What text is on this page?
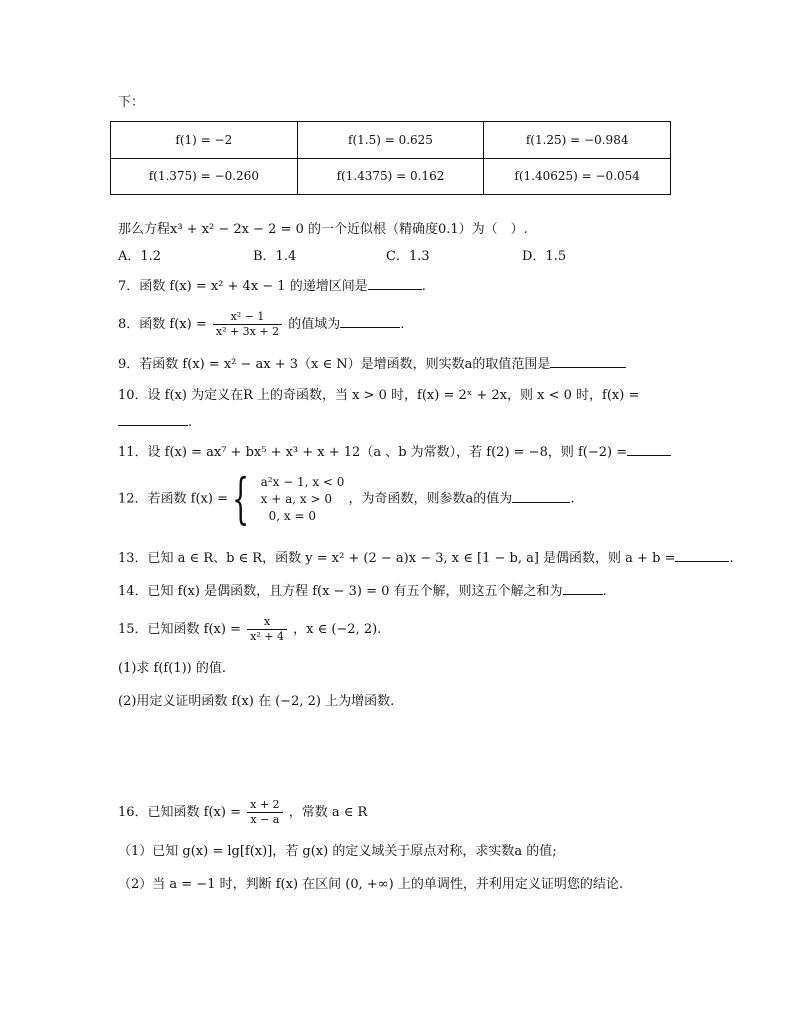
下：
f(1) = −2	f(1.5) = 0.625	f(1.25) = −0.984
f(1.375) = −0.260	f(1.4375) = 0.162	f(1.40625) = −0.054
那么方程x³ + x² − 2x − 2 = 0 的一个近似根（精确度0.1）为（　）.
A．1.2	B．1.4	C．1.3	D．1.5
7．函数 f(x) = x² + 4x − 1 的递增区间是	.
8．函数 $f(x) = \frac{\text{x² − 1}}{\text{x² + 3x + 2}}$ 的值域为	.
9．若函数 f(x) = x² − ax + 3（x ∈ N）是增函数，则实数a的取值范围是
10．设 f(x) 为定义在R 上的奇函数，当 x > 0 时，f(x) = 2ˣ + 2x，则 x < 0 时，f(x) =
.
11．设 f(x) = ax⁷ + bx⁵ + x³ + x + 12（a 、b 为常数），若 f(2) = −8，则 f(−2) =
12．若函数 f(x) = { a²x − 1, x < 0
x + a, x > 0
0, x = 0
，为奇函数，则参数a的值为	.
13．已知 a ∈ R、b ∈ R，函数 y = x² + (2 − a)x − 3, x ∈ [1 − b, a] 是偶函数，则 a + b =	.
14．已知 f(x) 是偶函数，且方程 f(x − 3) = 0 有五个解，则这五个解之和为	.
15．已知函数 $f(x) = \frac{x}{\text{x² + 4}}$ ，x ∈ (−2, 2).
(1)求 f(f(1)) 的值.
(2)用定义证明函数 f(x) 在 (−2, 2) 上为增函数.
16．已知函数 $f(x) = \frac{x + 2}{x - a}$ ，常数 a ∈ R
（1）已知 g(x) = lg[f(x)]，若 g(x) 的定义域关于原点对称，求实数a 的值;
（2）当 a = −1 时，判断 f(x) 在区间 (0, +∞) 上的单调性，并利用定义证明您的结论.
